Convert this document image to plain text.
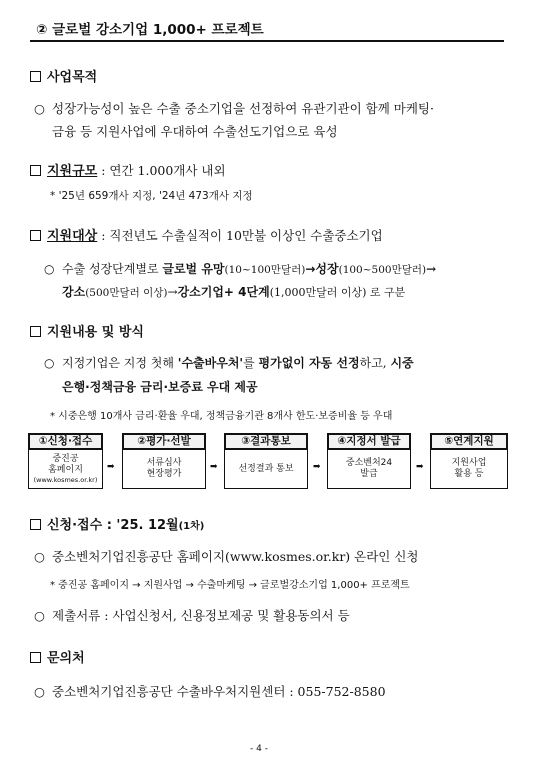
② 글로벌 강소기업 1,000+ 프로젝트
사업목적
○ 성장가능성이 높은 수출 중소기업을 선정하여 유관기관이 함께 마케팅·
금융 등 지원사업에 우대하여 수출선도기업으로 육성
지원규모 : 연간 1.000개사 내외
* '25년 659개사 지정, '24년 473개사 지정
지원대상 : 직전년도 수출실적이 10만불 이상인 수출중소기업
○ 수출 성장단계별로 글로벌 유망(10~100만달러)→성장(100~500만달러)→
강소(500만달러 이상)→강소기업+ 4단계(1,000만달러 이상) 로 구분
지원내용 및 방식
○ 지정기업은 지정 첫해 '수출바우처'를 평가없이 자동 선정하고, 시중
은행·정책금융 금리·보증료 우대 제공
* 시중은행 10개사 금리·환율 우대, 정책금융기관 8개사 한도·보증비율 등 우대
①신청·접수
중진공
홈페이지
(www.kosmes.or.kr)
➡
②평가·선발
서류심사
현장평가
➡
③결과통보
선정결과 통보 ➡
④지정서 발급
중소벤처24
발급
➡
⑤연계지원
지원사업
활용 등
신청·접수 : '25. 12월(1차)
○ 중소벤처기업진흥공단 홈페이지(www.kosmes.or.kr) 온라인 신청
* 중진공 홈페이지 → 지원사업 → 수출마케팅 → 글로벌강소기업 1,000+ 프로젝트
○ 제출서류 : 사업신청서, 신용정보제공 및 활용동의서 등
문의처
○ 중소벤처기업진흥공단 수출바우처지원센터 : 055-752-8580
- 4 -
